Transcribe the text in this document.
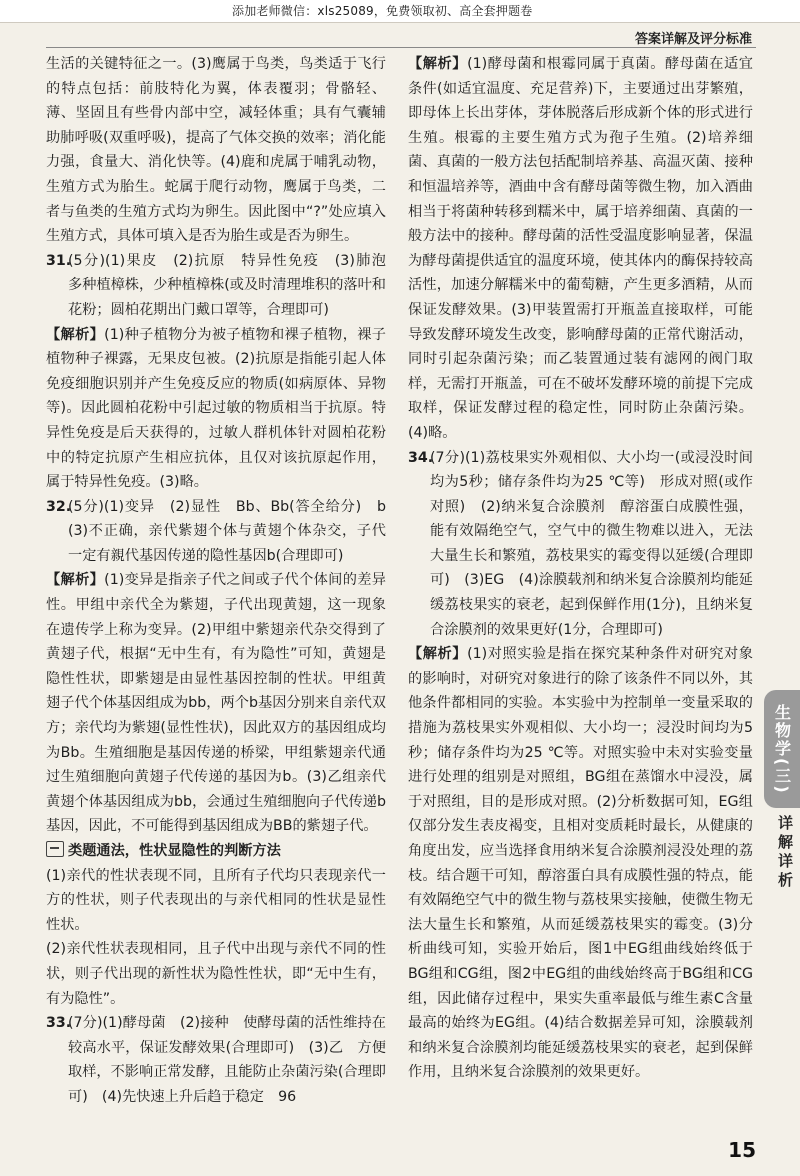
添加老师微信：xls25089，免费领取初、高全套押题卷
答案详解及评分标准

生活的关键特征之一。(3)鹰属于鸟类，鸟类适于飞行的特点包括：前肢特化为翼，体表覆羽；骨骼轻、薄、坚固且有些骨内部中空，减轻体重；具有气囊辅助肺呼吸(双重呼吸)，提高了气体交换的效率；消化能力强，食量大、消化快等。(4)鹿和虎属于哺乳动物，生殖方式为胎生。蛇属于爬行动物，鹰属于鸟类，二者与鱼类的生殖方式均为卵生。因此图中“?”处应填入生殖方式，具体可填入是否为胎生或是否为卵生。

31.(5分)(1)果皮　(2)抗原　特异性免疫　(3)肺泡　多种植樟株，少种植樟株(或及时清理堆积的落叶和花粉；圆柏花期出门戴口罩等，合理即可)

【解析】(1)种子植物分为被子植物和裸子植物，裸子植物种子裸露，无果皮包被。(2)抗原是指能引起人体免疫细胞识别并产生免疫反应的物质(如病原体、异物等)。因此圆柏花粉中引起过敏的物质相当于抗原。特异性免疫是后天获得的，过敏人群机体针对圆柏花粉中的特定抗原产生相应抗体，且仅对该抗原起作用，属于特异性免疫。(3)略。

32.(5分)(1)变异　(2)显性　Bb、Bb(答全给分)　b　(3)不正确，亲代紫翅个体与黄翅个体杂交，子代一定有親代基因传递的隐性基因b(合理即可)

【解析】(1)变异是指亲子代之间或子代个体间的差异性。甲组中亲代全为紫翅，子代出现黄翅，这一现象在遗传学上称为变异。(2)甲组中紫翅亲代杂交得到了黄翅子代，根据“无中生有，有为隐性”可知，黄翅是隐性性状，即紫翅是由显性基因控制的性状。甲组黄翅子代个体基因组成为bb，两个b基因分别来自亲代双方；亲代均为紫翅(显性性状)，因此双方的基因组成均为Bb。生殖细胞是基因传递的桥梁，甲组紫翅亲代通过生殖细胞向黄翅子代传递的基因为b。(3)乙组亲代黄翅个体基因组成为bb，会通过生殖细胞向子代传递b基因，因此，不可能得到基因组成为BB的紫翅子代。

类题通法，性状显隐性的判断方法

(1)亲代的性状表现不同，且所有子代均只表现亲代一方的性状，则子代表现出的与亲代相同的性状是显性性状。

(2)亲代性状表现相同，且子代中出现与亲代不同的性状，则子代出现的新性状为隐性性状，即“无中生有，有为隐性”。

33.(7分)(1)酵母菌　(2)接种　使酵母菌的活性维持在较高水平，保证发酵效果(合理即可)　(3)乙　方便取样，不影响正常发酵，且能防止杂菌污染(合理即可)　(4)先快速上升后趋于稳定　96

【解析】(1)酵母菌和根霉同属于真菌。酵母菌在适宜条件(如适宜温度、充足营养)下，主要通过出芽繁殖，即母体上长出芽体，芽体脱落后形成新个体的形式进行生殖。根霉的主要生殖方式为孢子生殖。(2)培养细菌、真菌的一般方法包括配制培养基、高温灭菌、接种和恒温培养等，酒曲中含有酵母菌等微生物，加入酒曲相当于将菌种转移到糯米中，属于培养细菌、真菌的一般方法中的接种。酵母菌的活性受温度影响显著，保温为酵母菌提供适宜的温度环境，使其体内的酶保持较高活性，加速分解糯米中的葡萄糖，产生更多酒精，从而保证发酵效果。(3)甲装置需打开瓶盖直接取样，可能导致发酵环境发生改变，影响酵母菌的正常代谢活动，同时引起杂菌污染；而乙装置通过装有滤网的阀门取样，无需打开瓶盖，可在不破坏发酵环境的前提下完成取样，保证发酵过程的稳定性，同时防止杂菌污染。(4)略。

34.(7分)(1)荔枝果实外观相似、大小均一(或浸没时间均为5秒；储存条件均为25 ℃等)　形成对照(或作对照)　(2)纳米复合涂膜剂　醇溶蛋白成膜性强，能有效隔绝空气，空气中的微生物难以进入，无法大量生长和繁殖，荔枝果实的霉变得以延缓(合理即可)　(3)EG　(4)涂膜载剂和纳米复合涂膜剂均能延缓荔枝果实的衰老，起到保鲜作用(1分)，且纳米复合涂膜剂的效果更好(1分，合理即可)

【解析】(1)对照实验是指在探究某种条件对研究对象的影响时，对研究对象进行的除了该条件不同以外，其他条件都相同的实验。本实验中为控制单一变量采取的措施为荔枝果实外观相似、大小均一；浸没时间均为5秒；储存条件均为25 ℃等。对照实验中未对实验变量进行处理的组别是对照组，BG组在蒸馏水中浸没，属于对照组，目的是形成对照。(2)分析数据可知，EG组仅部分发生表皮褐变，且相对变质耗时最长，从健康的角度出发，应当选择食用纳米复合涂膜剂浸没处理的荔枝。结合题干可知，醇溶蛋白具有成膜性强的特点，能有效隔绝空气中的微生物与荔枝果实接触，使微生物无法大量生长和繁殖，从而延缓荔枝果实的霉变。(3)分析曲线可知，实验开始后，图1中EG组曲线始终低于BG组和CG组，图2中EG组的曲线始终高于BG组和CG组，因此储存过程中，果实失重率最低与维生素C含量最高的始终为EG组。(4)结合数据差异可知，涂膜载剂和纳米复合涂膜剂均能延缓荔枝果实的衰老，起到保鲜作用，且纳米复合涂膜剂的效果更好。

生物学(三)
详解详析
15
